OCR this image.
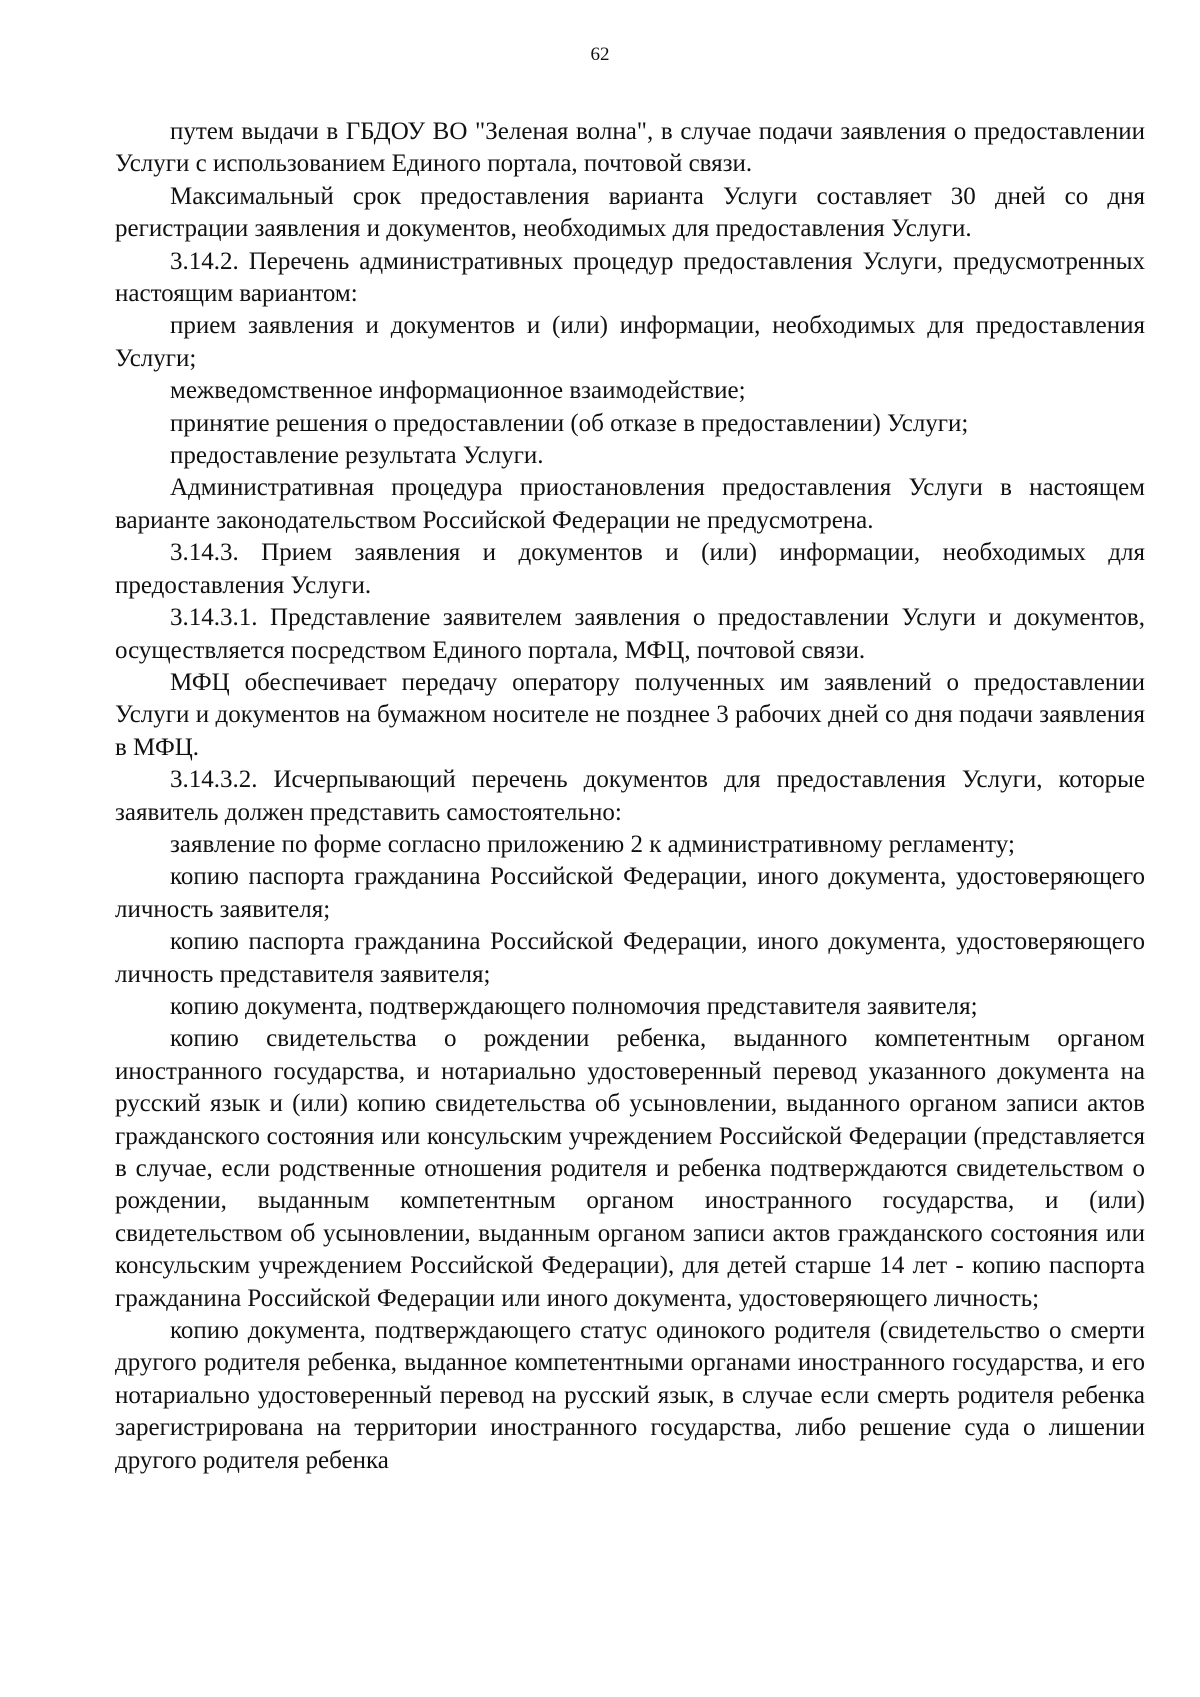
62

путем выдачи в ГБДОУ ВО "Зеленая волна", в случае подачи заявления о предоставлении Услуги с использованием Единого портала, почтовой связи.

Максимальный срок предоставления варианта Услуги составляет 30 дней со дня регистрации заявления и документов, необходимых для предоставления Услуги.

3.14.2. Перечень административных процедур предоставления Услуги, предусмотренных настоящим вариантом:

прием заявления и документов и (или) информации, необходимых для предоставления Услуги;

межведомственное информационное взаимодействие;

принятие решения о предоставлении (об отказе в предоставлении) Услуги;

предоставление результата Услуги.

Административная процедура приостановления предоставления Услуги в настоящем варианте законодательством Российской Федерации не предусмотрена.

3.14.3. Прием заявления и документов и (или) информации, необходимых для предоставления Услуги.

3.14.3.1. Представление заявителем заявления о предоставлении Услуги и документов, осуществляется посредством Единого портала, МФЦ, почтовой связи.

МФЦ обеспечивает передачу оператору полученных им заявлений о предоставлении Услуги и документов на бумажном носителе не позднее 3 рабочих дней со дня подачи заявления в МФЦ.

3.14.3.2. Исчерпывающий перечень документов для предоставления Услуги, которые заявитель должен представить самостоятельно:

заявление по форме согласно приложению 2 к административному регламенту;

копию паспорта гражданина Российской Федерации, иного документа, удостоверяющего личность заявителя;

копию паспорта гражданина Российской Федерации, иного документа, удостоверяющего личность представителя заявителя;

копию документа, подтверждающего полномочия представителя заявителя;

копию свидетельства о рождении ребенка, выданного компетентным органом иностранного государства, и нотариально удостоверенный перевод указанного документа на русский язык и (или) копию свидетельства об усыновлении, выданного органом записи актов гражданского состояния или консульским учреждением Российской Федерации (представляется в случае, если родственные отношения родителя и ребенка подтверждаются свидетельством о рождении, выданным компетентным органом иностранного государства, и (или) свидетельством об усыновлении, выданным органом записи актов гражданского состояния или консульским учреждением Российской Федерации), для детей старше 14 лет - копию паспорта гражданина Российской Федерации или иного документа, удостоверяющего личность;

копию документа, подтверждающего статус одинокого родителя (свидетельство о смерти другого родителя ребенка, выданное компетентными органами иностранного государства, и его нотариально удостоверенный перевод на русский язык, в случае если смерть родителя ребенка зарегистрирована на территории иностранного государства, либо решение суда о лишении другого родителя ребенка
